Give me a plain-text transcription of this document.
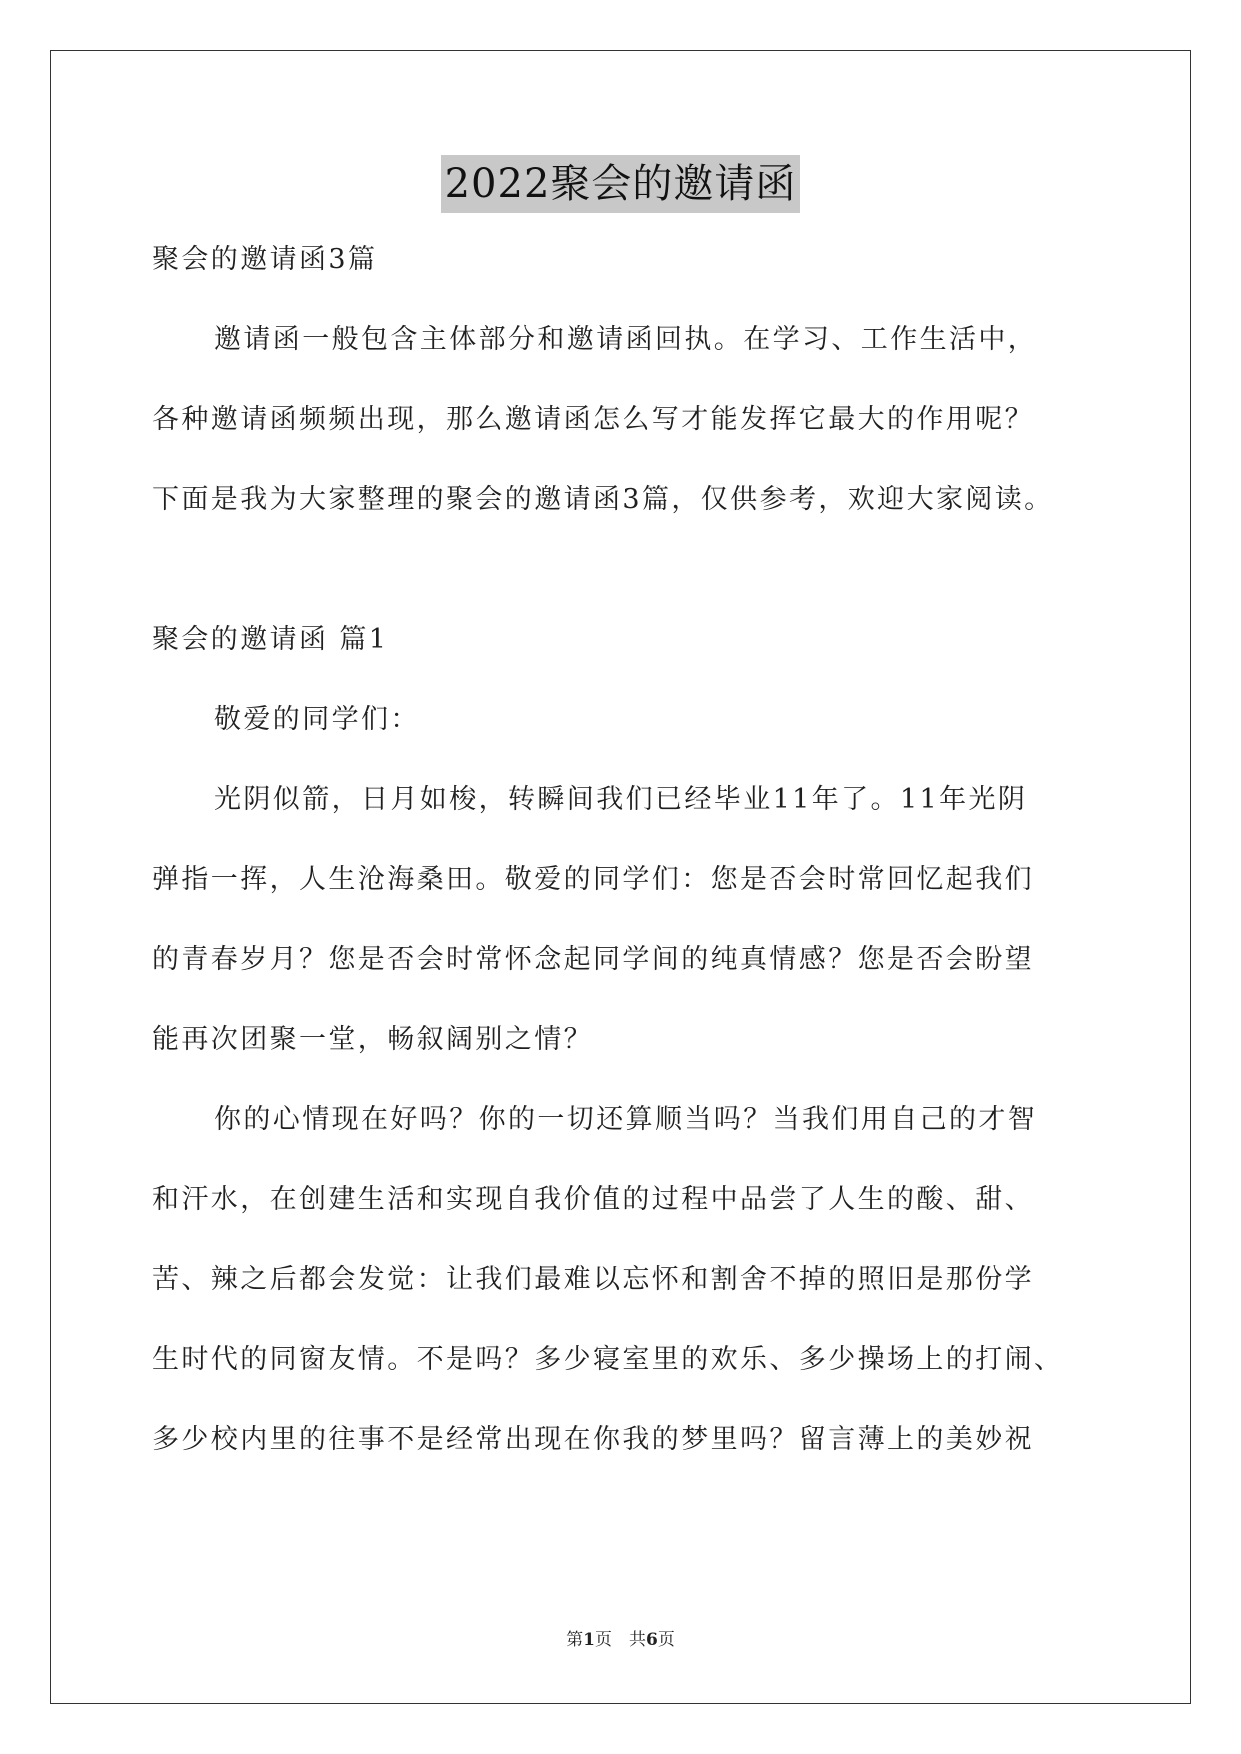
2022聚会的邀请函
聚会的邀请函3篇
邀请函一般包含主体部分和邀请函回执。在学习、工作生活中，
各种邀请函频频出现，那么邀请函怎么写才能发挥它最大的作用呢？
下面是我为大家整理的聚会的邀请函3篇，仅供参考，欢迎大家阅读。
聚会的邀请函 篇1
敬爱的同学们：
光阴似箭，日月如梭，转瞬间我们已经毕业11年了。11年光阴
弹指一挥，人生沧海桑田。敬爱的同学们：您是否会时常回忆起我们
的青春岁月？您是否会时常怀念起同学间的纯真情感？您是否会盼望
能再次团聚一堂，畅叙阔别之情？
你的心情现在好吗？你的一切还算顺当吗？当我们用自己的才智
和汗水，在创建生活和实现自我价值的过程中品尝了人生的酸、甜、
苦、辣之后都会发觉：让我们最难以忘怀和割舍不掉的照旧是那份学
生时代的同窗友情。不是吗？多少寝室里的欢乐、多少操场上的打闹、
多少校内里的往事不是经常出现在你我的梦里吗？留言薄上的美妙祝
第1页　共6页
